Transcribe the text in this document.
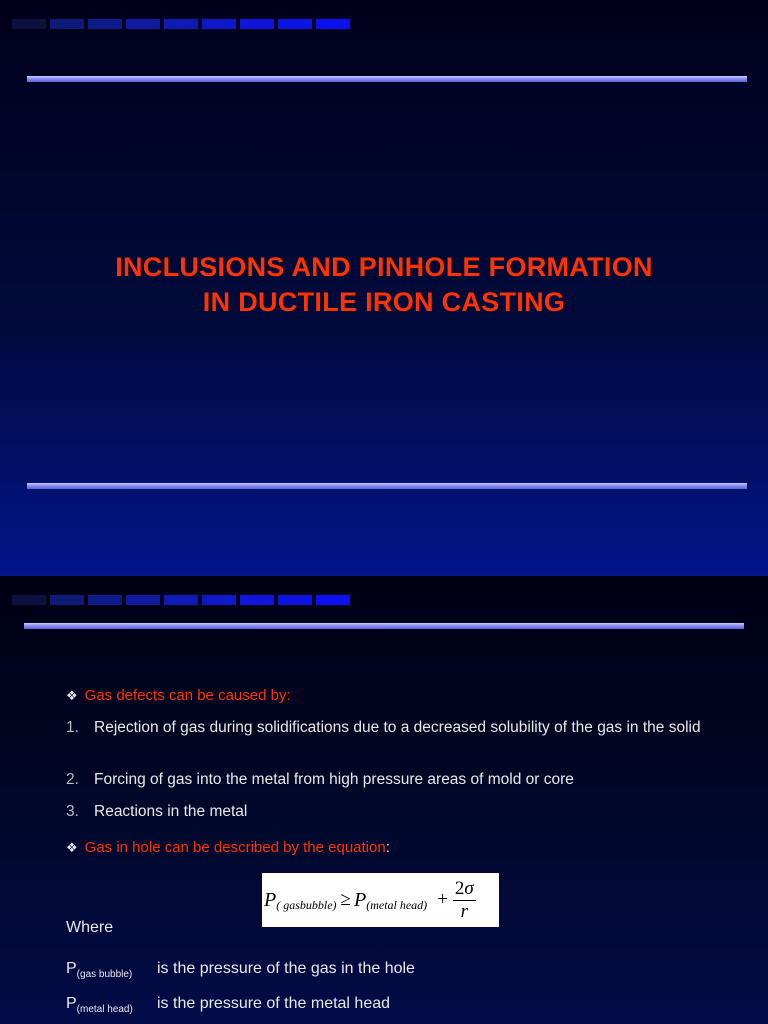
INCLUSIONS AND PINHOLE FORMATION
IN DUCTILE IRON CASTING
❖ Gas defects can be caused by:
1. Rejection of gas during solidifications due to a decreased solubility of the gas in the solid
2. Forcing of gas into the metal from high pressure areas of mold or core
3. Reactions in the metal
❖ Gas in hole can be described by the equation:
P ( gasbubble) ≥ P (metal head) + $\frac{2\sigma}{r}$
Where
$P_{(gas bubble)}$ is the pressure of the gas in the hole
$P_{(metal head)}$ is the pressure of the metal head
